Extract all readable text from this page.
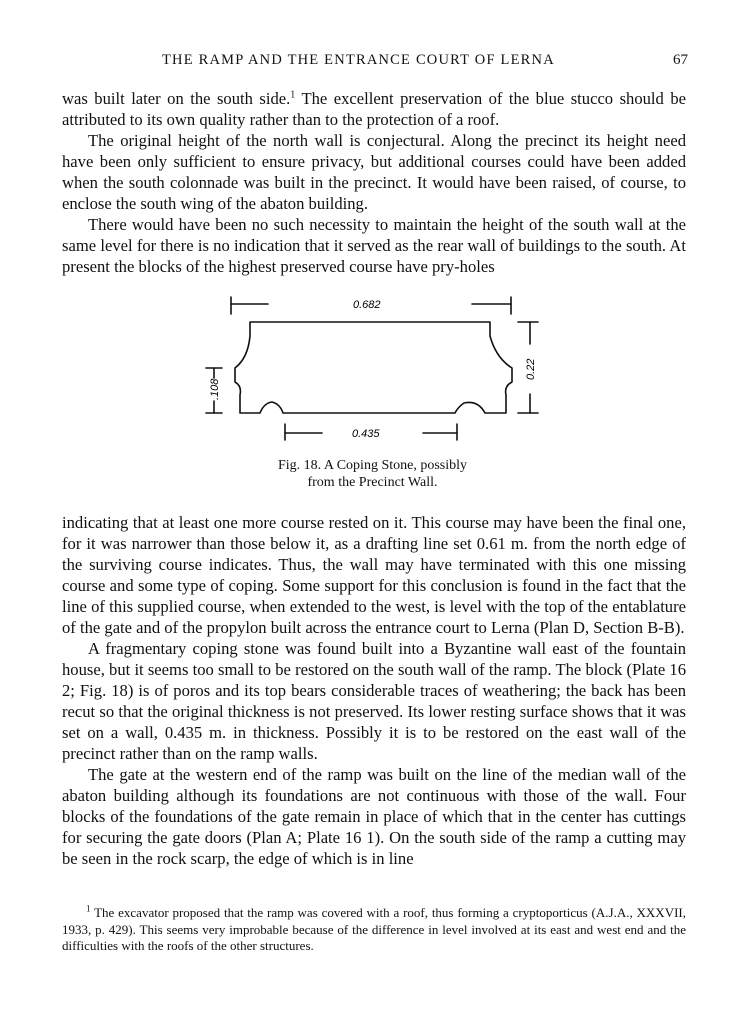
THE RAMP AND THE ENTRANCE COURT OF LERNA	67

was built later on the south side.$^1$ The excellent preservation of the blue stucco should be attributed to its own quality rather than to the protection of a roof.

The original height of the north wall is conjectural. Along the precinct its height need have been only sufficient to ensure privacy, but additional courses could have been added when the south colonnade was built in the precinct. It would have been raised, of course, to enclose the south wing of the abaton building.

There would have been no such necessity to maintain the height of the south wall at the same level for there is no indication that it served as the rear wall of buildings to the south. At present the blocks of the highest preserved course have pry-holes

0.682
0.435
.108
0.22
Fig. 18. A Coping Stone, possibly
from the Precinct Wall.

indicating that at least one more course rested on it. This course may have been the final one, for it was narrower than those below it, as a drafting line set 0.61 m. from the north edge of the surviving course indicates. Thus, the wall may have terminated with this one missing course and some type of coping. Some support for this conclusion is found in the fact that the line of this supplied course, when extended to the west, is level with the top of the entablature of the gate and of the propylon built across the entrance court to Lerna (Plan D, Section B-B).

A fragmentary coping stone was found built into a Byzantine wall east of the fountain house, but it seems too small to be restored on the south wall of the ramp. The block (Plate 16 2; Fig. 18) is of poros and its top bears considerable traces of weathering; the back has been recut so that the original thickness is not preserved. Its lower resting surface shows that it was set on a wall, 0.435 m. in thickness. Possibly it is to be restored on the east wall of the precinct rather than on the ramp walls.

The gate at the western end of the ramp was built on the line of the median wall of the abaton building although its foundations are not continuous with those of the wall. Four blocks of the foundations of the gate remain in place of which that in the center has cuttings for securing the gate doors (Plan A; Plate 16 1). On the south side of the ramp a cutting may be seen in the rock scarp, the edge of which is in line

$^1$ The excavator proposed that the ramp was covered with a roof, thus forming a cryptoporticus (A.J.A., XXXVII, 1933, p. 429). This seems very improbable because of the difference in level involved at its east and west end and the difficulties with the roofs of the other structures.
